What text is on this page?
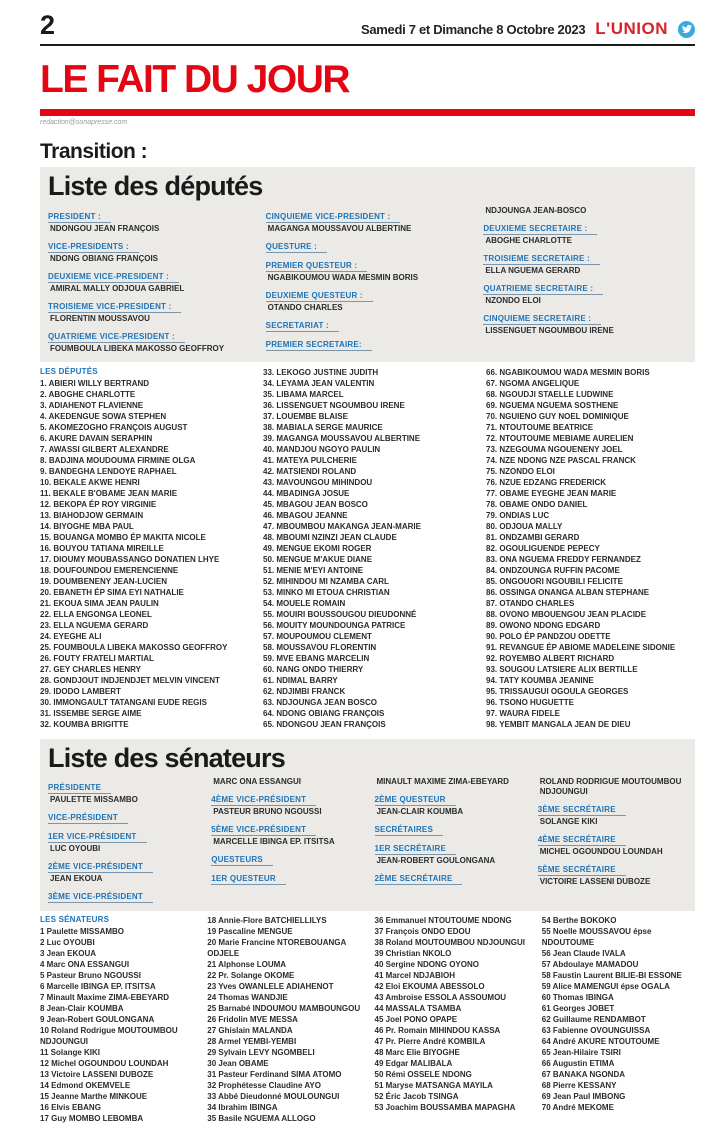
2	Samedi 7 et Dimanche 8 Octobre 2023 L'UNION
LE FAIT DU JOUR
redaction@sonapresse.com
Transition :
Liste des députés
PRESIDENT :
NDONGOU JEAN FRANÇOIS
VICE-PRESIDENTS :
NDONG OBIANG FRANÇOIS
DEUXIEME VICE-PRESIDENT :
AMIRAL MALLY ODJOUA GABRIEL
TROISIEME VICE-PRESIDENT :
FLORENTIN MOUSSAVOU
QUATRIEME VICE-PRESIDENT :
FOUMBOULA LIBEKA MAKOSSO GEOFFROY
CINQUIEME VICE-PRESIDENT :
MAGANGA MOUSSAVOU ALBERTINE
QUESTURE :
PREMIER QUESTEUR :
NGABIKOUMOU WADA MESMIN BORIS
DEUXIEME QUESTEUR :
OTANDO CHARLES
SECRETARIAT :
PREMIER SECRETAIRE:
NDJOUNGA JEAN-BOSCO
DEUXIEME SECRETAIRE :
ABOGHE CHARLOTTE
TROISIEME SECRETAIRE :
ELLA NGUEMA GERARD
QUATRIEME SECRETAIRE :
NZONDO ELOI
CINQUIEME SECRETAIRE :
LISSENGUET NGOUMBOU IRENE
LES DÉPUTÉS
1. ABIERI WILLY BERTRAND
2. ABOGHE CHARLOTTE
3. ADIAHENOT FLAVIENNE
4. AKEDENGUE SOWA STEPHEN
5. AKOMEZOGHO FRANÇOIS AUGUST
6. AKURE DAVAIN SERAPHIN
7. AWASSI GILBERT ALEXANDRE
8. BADJINA MOUDOUMA FIRMINE OLGA
9. BANDEGHA LENDOYE RAPHAEL
10. BEKALE AKWE HENRI
11. BEKALE B'OBAME JEAN MARIE
12. BEKOPA ÉP ROY VIRGINIE
13. BIAHODJOW GERMAIN
14. BIYOGHE MBA PAUL
15. BOUANGA MOMBO ÉP MAKITA NICOLE
16. BOUYOU TATIANA MIREILLE
17. DIOUMY MOUBASSANGO DONATIEN LHYE
18. DOUFOUNDOU EMERENCIENNE
19. DOUMBENENY JEAN-LUCIEN
20. EBANETH ÉP SIMA EYI NATHALIE
21. EKOUA SIMA JEAN PAULIN
22. ELLA ENGONGA LEONEL
23. ELLA NGUEMA GERARD
24. EYEGHE ALI
25. FOUMBOULA LIBEKA MAKOSSO GEOFFROY
26. FOUTY FRATELI MARTIAL
27. GEY CHARLES HENRY
28. GONDJOUT INDJENDJET MELVIN VINCENT
29. IDODO LAMBERT
30. IMMONGAULT TATANGANI EUDE REGIS
31. ISSEMBE SERGE AIME
32. KOUMBA BRIGITTE
33. LEKOGO JUSTINE JUDITH
34. LEYAMA JEAN VALENTIN
35. LIBAMA MARCEL
36. LISSENGUET NGOUMBOU IRENE
37. LOUEMBE BLAISE
38. MABIALA SERGE MAURICE
39. MAGANGA MOUSSAVOU ALBERTINE
40. MANDJOU NGOYO PAULIN
41. MATEYA PULCHERIE
42. MATSIENDI ROLAND
43. MAVOUNGOU MIHINDOU
44. MBADINGA JOSUE
45. MBAGOU JEAN BOSCO
46. MBAGOU JEANNE
47. MBOUMBOU MAKANGA JEAN-MARIE
48. MBOUMI NZINZI JEAN CLAUDE
49. MENGUE EKOMI ROGER
50. MENGUE M'AKUE DIANE
51. MENIE M'EYI ANTOINE
52. MIHINDOU MI NZAMBA CARL
53. MINKO MI ETOUA CHRISTIAN
54. MOUELE ROMAIN
55. MOUIRI BOUSSOUGOU DIEUDONNÉ
56. MOUITY MOUNDOUNGA PATRICE
57. MOUPOUMOU CLEMENT
58. MOUSSAVOU FLORENTIN
59. MVE EBANG MARCELIN
60. NANG ONDO THIERRY
61. NDIMAL BARRY
62. NDJIMBI FRANCK
63. NDJOUNGA JEAN BOSCO
64. NDONG OBIANG FRANÇOIS
65. NDONGOU JEAN FRANÇOIS
66. NGABIKOUMOU WADA MESMIN BORIS
67. NGOMA ANGELIQUE
68. NGOUDJI STAELLE LUDWINE
69. NGUEMA NGUEMA SOSTHENE
70. NGUIENO GUY NOEL DOMINIQUE
71. NTOUTOUME BEATRICE
72. NTOUTOUME MEBIAME AURELIEN
73. NZEGOUMA NGOUENENY JOEL
74. NZE NDONG NZE PASCAL FRANCK
75. NZONDO ELOI
76. NZUE EDZANG FREDERICK
77. OBAME EYEGHE JEAN MARIE
78. OBAME ONDO DANIEL
79. ONDIAS LUC
80. ODJOUA MALLY
81. ONDZAMBI GERARD
82. OGOULIGUENDE PEPECY
83. ONA NGUEMA FREDDY FERNANDEZ
84. ONDZOUNGA RUFFIN PACOME
85. ONGOUORI NGOUBILI FELICITE
86. OSSINGA ONANGA ALBAN STEPHANE
87. OTANDO CHARLES
88. OVONO MBOUENGOU JEAN PLACIDE
89. OWONO NDONG EDGARD
90. POLO ÉP PANDZOU ODETTE
91. REVANGUE ÉP ABIOME MADELEINE SIDONIE
92. ROYEMBO ALBERT RICHARD
93. SOUGOU LATSIERE ALIX BERTILLE
94. TATY KOUMBA JEANINE
95. TRISSAUGUI OGOULA GEORGES
96. TSONO HUGUETTE
97. WAURA FIDELE
98. YEMBIT MANGALA JEAN DE DIEU
Liste des sénateurs
PRÉSIDENTE
PAULETTE MISSAMBO
VICE-PRÉSIDENT
1ER VICE-PRÉSIDENT
LUC OYOUBI
2ÈME VICE-PRÉSIDENT
JEAN EKOUA
3ÈME VICE-PRÉSIDENT
MARC ONA ESSANGUI
4ÈME VICE-PRÉSIDENT
PASTEUR BRUNO NGOUSSI
5ÈME VICE-PRÉSIDENT
MARCELLE IBINGA EP. ITSITSA
QUESTEURS
1ER QUESTEUR
MINAULT MAXIME ZIMA-EBEYARD
2ÈME QUESTEUR
JEAN-CLAIR KOUMBA
SECRÉTAIRES
1ER SECRÉTAIRE
JEAN-ROBERT GOULONGANA
2ÈME SECRÉTAIRE
ROLAND RODRIGUE MOUTOUMBOU NDJOUNGUI
3ÈME SECRÉTAIRE
SOLANGE KIKI
4ÈME SECRÉTAIRE
MICHEL OGOUNDOU LOUNDAH
5ÈME SECRÉTAIRE
VICTOIRE LASSENI DUBOZE
LES SÉNATEURS
1 Paulette MISSAMBO
2 Luc OYOUBI
3 Jean EKOUA
4 Marc ONA ESSANGUI
5 Pasteur Bruno NGOUSSI
6 Marcelle IBINGA EP. ITSITSA
7 Minault Maxime ZIMA-EBEYARD
8 Jean-Clair KOUMBA
9 Jean-Robert GOULONGANA
10 Roland Rodrigue MOUTOUMBOU NDJOUNGUI
11 Solange KIKI
12 Michel OGOUNDOU LOUNDAH
13 Victoire LASSENI DUBOZE
14 Edmond OKEMVELE
15 Jeanne Marthe MINKOUE
16 Elvis EBANG
17 Guy MOMBO LEBOMBA
18 Annie-Flore BATCHIELLILYS
19 Pascaline MENGUE
20 Marie Francine NTOREBOUANGA ODJELE
21 Alphonse LOUMA
22 Pr. Solange OKOME
23 Yves OWANLELE ADIAHENOT
24 Thomas WANDJIE
25 Barnabé INDOUMOU MAMBOUNGOU
26 Fridolin MVE MESSA
27 Ghislain MALANDA
28 Armel YEMBI-YEMBI
29 Sylvain LEVY NGOMBELI
30 Jean OBAME
31 Pasteur Ferdinand SIMA ATOMO
32 Prophétesse Claudine AYO
33 Abbé Dieudonné MOULOUNGUI
34 Ibrahim IBINGA
35 Basile NGUEMA ALLOGO
36 Emmanuel NTOUTOUME NDONG
37 François ONDO EDOU
38 Roland MOUTOUMBOU NDJOUNGUI
39 Christian NKOLO
40 Sergine NDONG OYONO
41 Marcel NDJABIOH
42 Eloi EKOUMA ABESSOLO
43 Ambroise ESSOLA ASSOUMOU
44 MASSALA TSAMBA
45 Joel PONO OPAPE
46 Pr. Romain MIHINDOU KASSA
47 Pr. Pierre André KOMBILA
48 Marc Elie BIYOGHE
49 Edgar MALIBALA
50 Rémi OSSELE NDONG
51 Maryse MATSANGA MAYILA
52 Éric Jacob TSINGA
53 Joachim BOUSSAMBA MAPAGHA
54 Berthe BOKOKO
55 Noelle MOUSSAVOU épse NDOUTOUME
56 Jean Claude IVALA
57 Abdoulaye MAMADOU
58 Faustin Laurent BILIE-BI ESSONE
59 Alice MAMENGUI épse OGALA
60 Thomas IBINGA
61 Georges JOBET
62 Guillaume RENDAMBOT
63 Fabienne OVOUNGUISSA
64 André AKURE NTOUTOUME
65 Jean-Hilaire TSIRI
66 Augustin ETIMA
67 BANAKA NGONDA
68 Pierre KESSANY
69 Jean Paul IMBONG
70 André MEKOME
